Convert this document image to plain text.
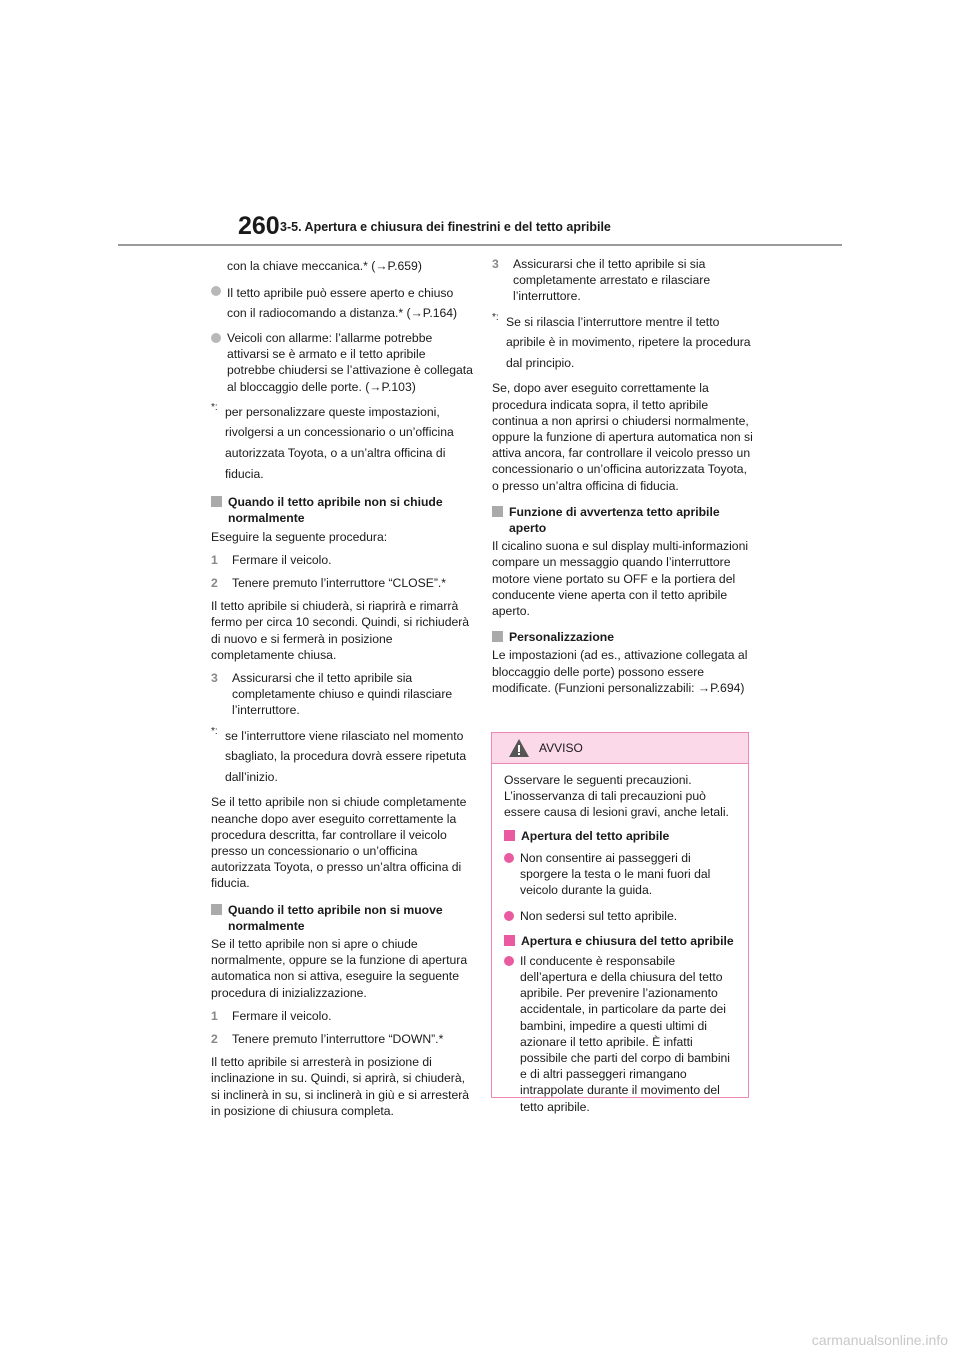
260 3-5. Apertura e chiusura dei finestrini e del tetto apribile

con la chiave meccanica.* (→P.659)

Il tetto apribile può essere aperto e chiuso con il radiocomando a distanza.* (→P.164)
Veicoli con allarme: l’allarme potrebbe attivarsi se è armato e il tetto apribile potrebbe chiudersi se l’attivazione è collegata al bloccaggio delle porte. (→P.103)
*: per personalizzare queste impostazioni, rivolgersi a un concessionario o un’officina autorizzata Toyota, o a un’altra officina di fiducia.
Quando il tetto apribile non si chiude normalmente

Eseguire la seguente procedura:

1 Fermare il veicolo.
2 Tenere premuto l’interruttore “CLOSE”.*

Il tetto apribile si chiuderà, si riaprirà e rimarrà fermo per circa 10 secondi. Quindi, si richiuderà di nuovo e si fermerà in posizione completamente chiusa.

3 Assicurarsi che il tetto apribile sia completamente chiuso e quindi rilasciare l’interruttore.
*: se l’interruttore viene rilasciato nel momento sbagliato, la procedura dovrà essere ripetuta dall’inizio.

Se il tetto apribile non si chiude completamente neanche dopo aver eseguito correttamente la procedura descritta, far controllare il veicolo presso un concessionario o un’officina autorizzata Toyota, o presso un’altra officina di fiducia.

Quando il tetto apribile non si muove normalmente

Se il tetto apribile non si apre o chiude normalmente, oppure se la funzione di apertura automatica non si attiva, eseguire la seguente procedura di inizializzazione.

1 Fermare il veicolo.
2 Tenere premuto l’interruttore “DOWN”.*

Il tetto apribile si arresterà in posizione di inclinazione in su. Quindi, si aprirà, si chiuderà, si inclinerà in su, si inclinerà in giù e si arresterà in posizione di chiusura completa.

3 Assicurarsi che il tetto apribile si sia completamente arrestato e rilasciare l’interruttore.
*: Se si rilascia l’interruttore mentre il tetto apribile è in movimento, ripetere la procedura dal principio.

Se, dopo aver eseguito correttamente la procedura indicata sopra, il tetto apribile continua a non aprirsi o chiudersi normalmente, oppure la funzione di apertura automatica non si attiva ancora, far controllare il veicolo presso un concessionario o un’officina autorizzata Toyota, o presso un’altra officina di fiducia.

Funzione di avvertenza tetto apribile aperto

Il cicalino suona e sul display multi-informazioni compare un messaggio quando l’interruttore motore viene portato su OFF e la portiera del conducente viene aperta con il tetto apribile aperto.

Personalizzazione

Le impostazioni (ad es., attivazione collegata al bloccaggio delle porte) possono essere modificate. (Funzioni personalizzabili: →P.694)

AVVISO

Osservare le seguenti precauzioni. L’inosservanza di tali precauzioni può essere causa di lesioni gravi, anche letali.

Apertura del tetto apribile
Non consentire ai passeggeri di sporgere la testa o le mani fuori dal veicolo durante la guida.
Non sedersi sul tetto apribile.
Apertura e chiusura del tetto apribile
Il conducente è responsabile dell’apertura e della chiusura del tetto apribile. Per prevenire l’azionamento accidentale, in particolare da parte dei bambini, impedire a questi ultimi di azionare il tetto apribile. È infatti possibile che parti del corpo di bambini e di altri passeggeri rimangano intrappolate durante il movimento del tetto apribile.
carmanualsonline.info
